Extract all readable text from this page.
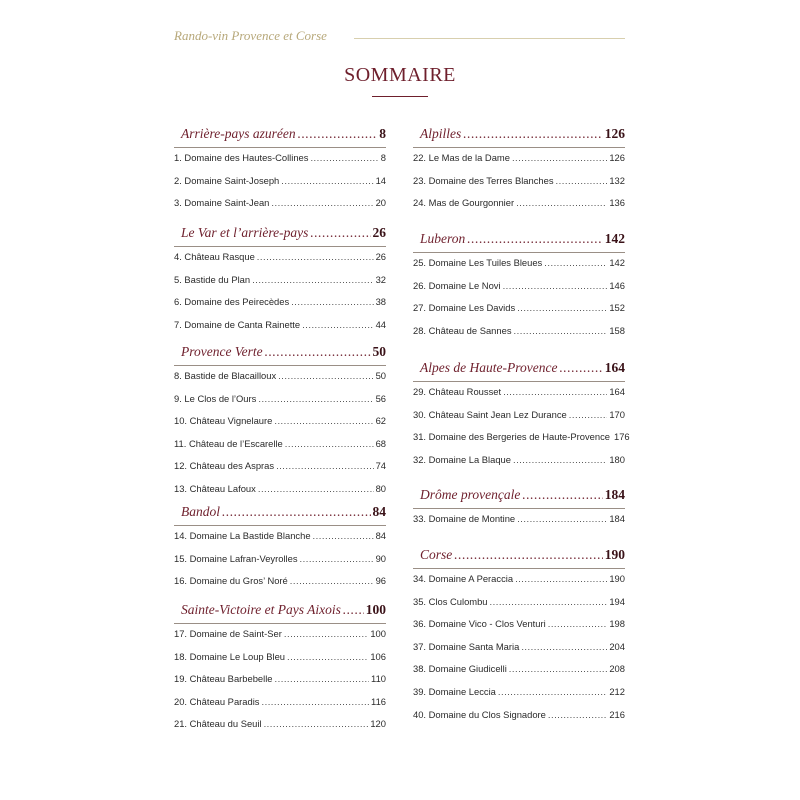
Rando-vin Provence et Corse
SOMMAIRE
Arrière-pays azuréen .....	8
1. Domaine des Hautes-Collines .....	8
2. Domaine Saint-Joseph .....	14
3. Domaine Saint-Jean .....	20
Le Var et l’arrière-pays .....	26
4. Château Rasque .....	26
5. Bastide du Plan .....	32
6. Domaine des Peirecèdes .....	38
7. Domaine de Canta Rainette .....	44
Provence Verte .....	50
8. Bastide de Blacailloux .....	50
9. Le Clos de l’Ours .....	56
10. Château Vignelaure .....	62
11. Château de l’Escarelle .....	68
12. Château des Aspras .....	74
13. Château Lafoux .....	80
Bandol .....	84
14. Domaine La Bastide Blanche .....	84
15. Domaine Lafran-Veyrolles .....	90
16. Domaine du Gros’ Noré .....	96
Sainte-Victoire et Pays Aixois ..... 100
17. Domaine de Saint-Ser .....	100
18. Domaine Le Loup Bleu .....	106
19. Château Barbebelle .....	110
20. Château Paradis .....	116
21. Château du Seuil .....	120
Alpilles .....	126
22. Le Mas de la Dame .....	126
23. Domaine des Terres Blanches .....	132
24. Mas de Gourgonnier .....	136
Luberon .....	142
25. Domaine Les Tuiles Bleues .....	142
26. Domaine Le Novi .....	146
27. Domaine Les Davids .....	152
28. Château de Sannes .....	158
Alpes de Haute-Provence .....	164
29. Château Rousset .....	164
30. Château Saint Jean Lez Durance .....	170
31. Domaine des Bergeries de Haute-Provence 176
32. Domaine La Blaque .....	180
Drôme provençale .....	184
33. Domaine de Montine .....	184
Corse .....	190
34. Domaine A Peraccia .....	190
35. Clos Culombu .....	194
36. Domaine Vico - Clos Venturi .....	198
37. Domaine Santa Maria .....	204
38. Domaine Giudicelli .....	208
39. Domaine Leccia .....	212
40. Domaine du Clos Signadore .....	216
